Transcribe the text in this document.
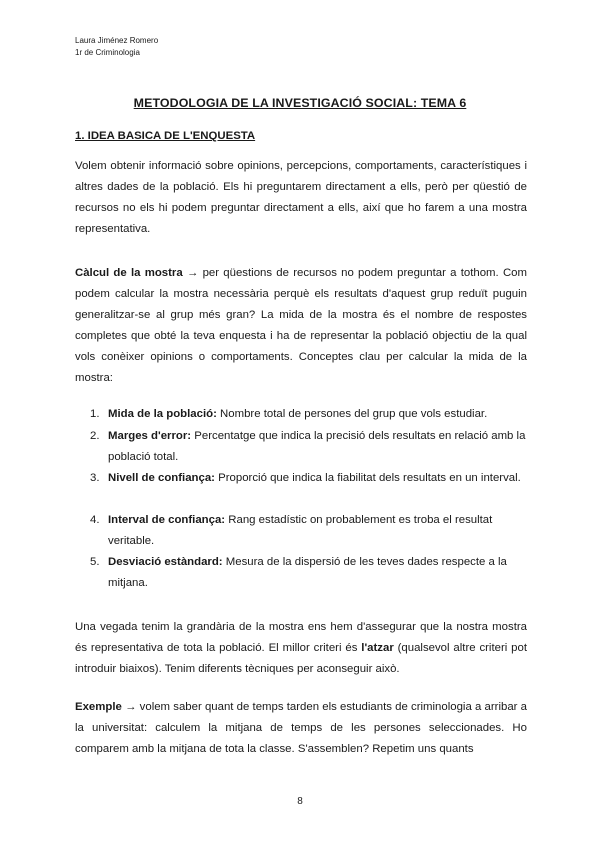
Laura Jiménez Romero
1r de Criminologia
METODOLOGIA DE LA INVESTIGACIÓ SOCIAL: TEMA 6
1. IDEA BASICA DE L'ENQUESTA

Volem obtenir informació sobre opinions, percepcions, comportaments, característiques i altres dades de la població. Els hi preguntarem directament a ells, però per qüestió de recursos no els hi podem preguntar directament a ells, així que ho farem a una mostra representativa.

Càlcul de la mostra → per qüestions de recursos no podem preguntar a tothom. Com podem calcular la mostra necessària perquè els resultats d'aquest grup reduït puguin generalitzar-se al grup més gran? La mida de la mostra és el nombre de respostes completes que obté la teva enquesta i ha de representar la població objectiu de la qual vols conèixer opinions o comportaments. Conceptes clau per calcular la mida de la mostra:

1. Mida de la població: Nombre total de persones del grup que vols estudiar.
2. Marges d'error: Percentatge que indica la precisió dels resultats en relació amb la població total.
3. Nivell de confiança: Proporció que indica la fiabilitat dels resultats en un interval.
4. Interval de confiança: Rang estadístic on probablement es troba el resultat veritable.
5. Desviació estàndard: Mesura de la dispersió de les teves dades respecte a la mitjana.

Una vegada tenim la grandària de la mostra ens hem d'assegurar que la nostra mostra és representativa de tota la població. El millor criteri és l'atzar (qualsevol altre criteri pot introduir biaixos). Tenim diferents tècniques per aconseguir això.

Exemple → volem saber quant de temps tarden els estudiants de criminologia a arribar a la universitat: calculem la mitjana de temps de les persones seleccionades. Ho comparem amb la mitjana de tota la classe. S'assemblen? Repetim uns quants

8
